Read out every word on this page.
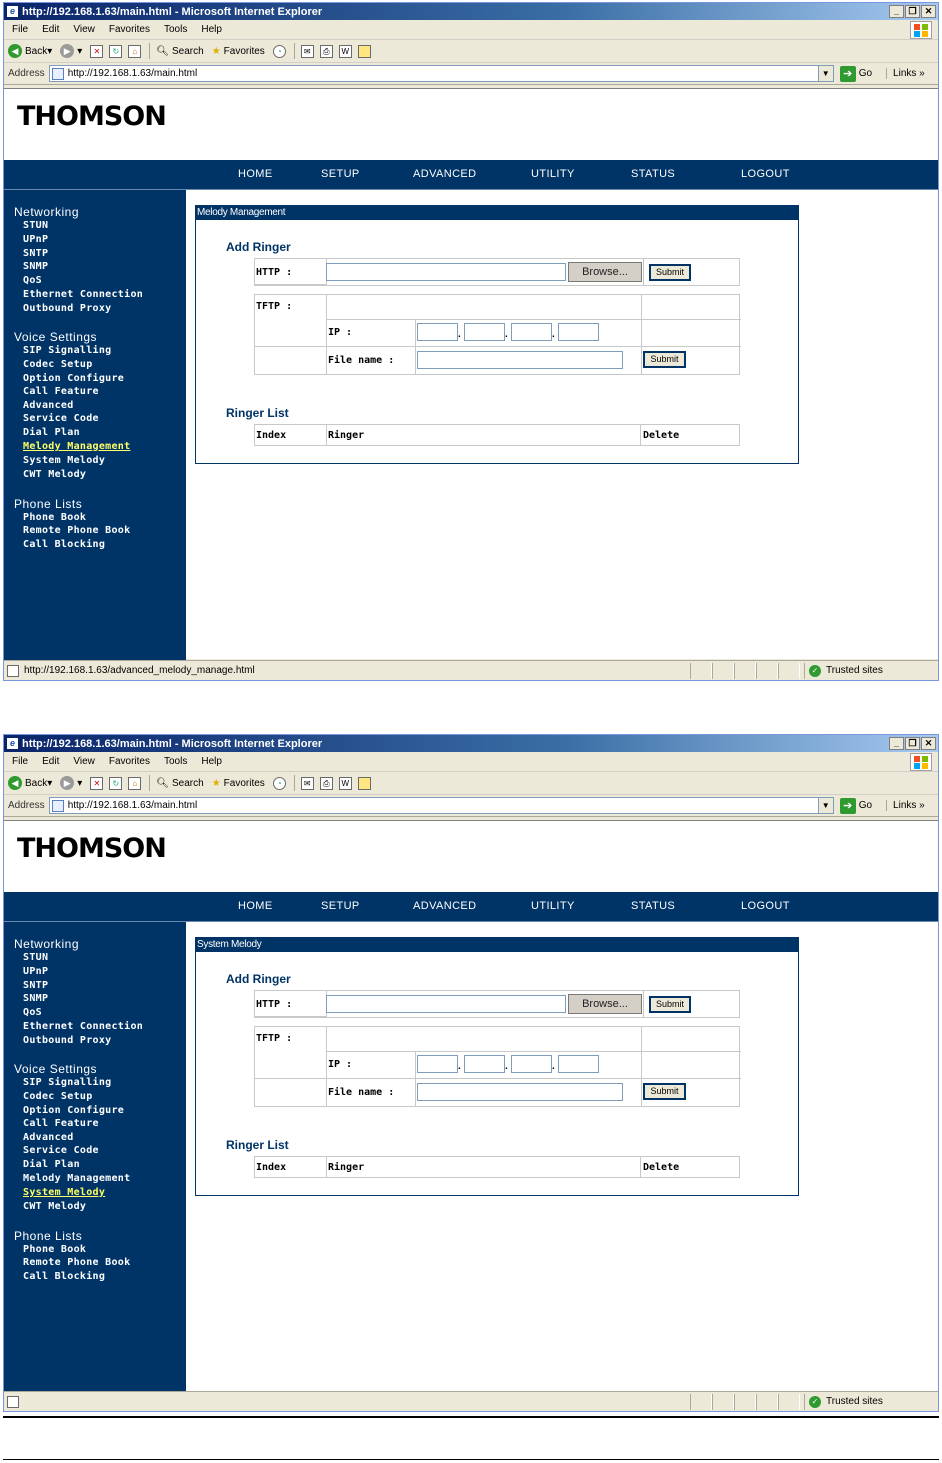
e http://192.168.1.63/main.html - Microsoft Internet Explorer	_	❐ ✕
File Edit View Favorites Tools Help
◀ Back ▾	▶ ▾	✕	↻	⌂	🔍︎ Search ★ Favorites	◔	✉	⎙	W
Address http://192.168.1.63/main.html	▼	➔ Go	Links »
THOMSON
HOME	SETUP	ADVANCED	UTILITY	STATUS	LOGOUT
Networking
STUN
UPnP
SNTP
SNMP
QoS
Ethernet Connection
Outbound Proxy
Voice Settings
SIP Signalling
Codec Setup
Option Configure
Call Feature
Advanced
Service Code
Dial Plan
Melody Management
System Melody
CWT Melody
Phone Lists
Phone Book
Remote Phone Book
Call Blocking
Melody Management
Add Ringer
HTTP :	Browse...	Submit
TFTP :
IP :	.	.	.
File name :	Submit
Ringer List
Index	Ringer	Delete
http://192.168.1.63/advanced_melody_manage.html	✓ Trusted sites
e http://192.168.1.63/main.html - Microsoft Internet Explorer	_	❐ ✕
File Edit View Favorites Tools Help
◀ Back ▾	▶ ▾	✕	↻	⌂	🔍︎ Search ★ Favorites	◔	✉	⎙	W
Address http://192.168.1.63/main.html	▼	➔ Go	Links »
THOMSON
HOME	SETUP	ADVANCED	UTILITY	STATUS	LOGOUT
Networking
STUN
UPnP
SNTP
SNMP
QoS
Ethernet Connection
Outbound Proxy
Voice Settings
SIP Signalling
Codec Setup
Option Configure
Call Feature
Advanced
Service Code
Dial Plan
Melody Management
System Melody
CWT Melody
Phone Lists
Phone Book
Remote Phone Book
Call Blocking
System Melody
Add Ringer
HTTP :	Browse...	Submit
TFTP :
IP :	.	.	.
File name :	Submit
Ringer List
Index	Ringer	Delete
✓ Trusted sites
